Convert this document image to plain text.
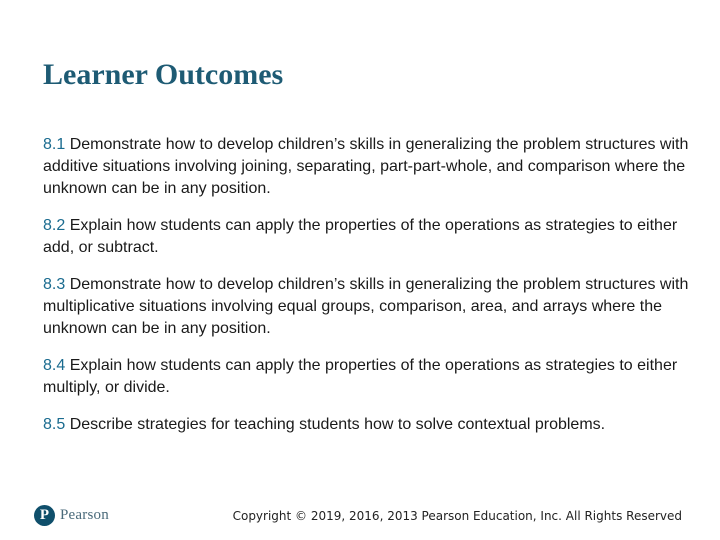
Learner Outcomes
8.1 Demonstrate how to develop children’s skills in generalizing the problem structures with additive situations involving joining, separating, part-part-whole, and comparison where the unknown can be in any position.
8.2 Explain how students can apply the properties of the operations as strategies to either add, or subtract.
8.3 Demonstrate how to develop children’s skills in generalizing the problem structures with multiplicative situations involving equal groups, comparison, area, and arrays where the unknown can be in any position.
8.4 Explain how students can apply the properties of the operations as strategies to either multiply, or divide.
8.5 Describe strategies for teaching students how to solve contextual problems.
P Pearson	Copyright © 2019, 2016, 2013 Pearson Education, Inc. All Rights Reserved
